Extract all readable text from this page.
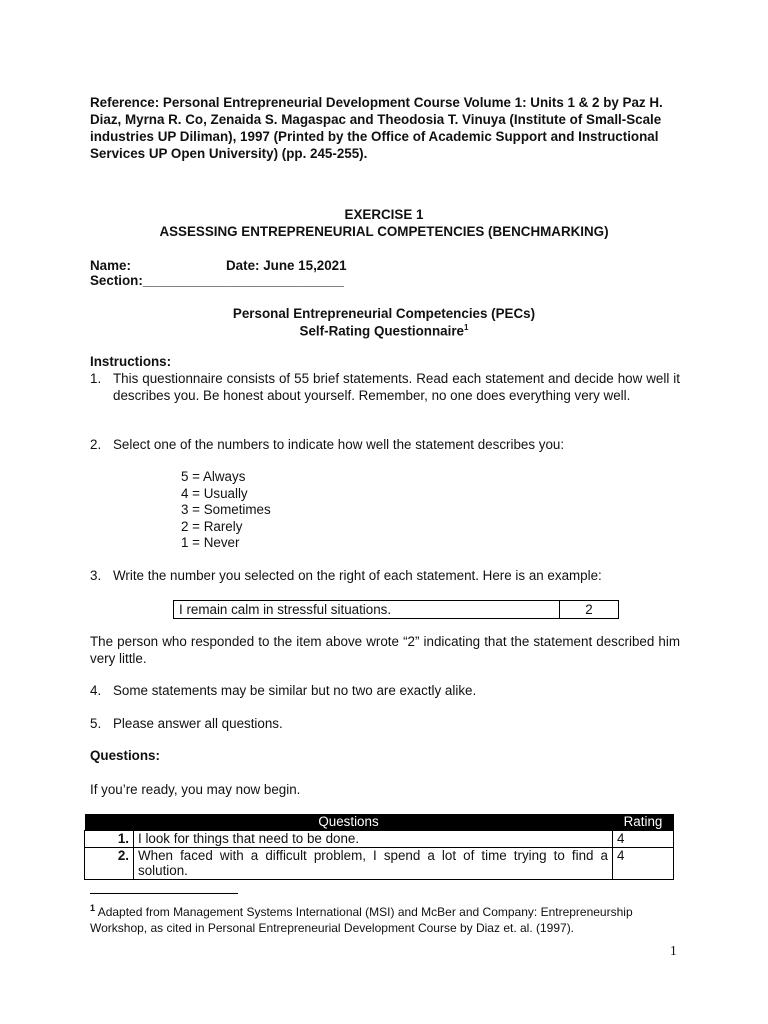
Reference: Personal Entrepreneurial Development Course Volume 1: Units 1 & 2 by Paz H. Diaz, Myrna R. Co, Zenaida S. Magaspac and Theodosia T. Vinuya (Institute of Small-Scale industries UP Diliman), 1997 (Printed by the Office of Academic Support and Instructional Services UP Open University) (pp. 245-255).
EXERCISE 1
ASSESSING ENTREPRENEURIAL COMPETENCIES (BENCHMARKING)
Name:	Date: June 15,2021
Section:___________________________
Personal Entrepreneurial Competencies (PECs)
Self-Rating Questionnaire$^1$
Instructions:
1. This questionnaire consists of 55 brief statements. Read each statement and decide how well it describes you. Be honest about yourself. Remember, no one does everything very well.
2. Select one of the numbers to indicate how well the statement describes you:
5 = Always
4 = Usually
3 = Sometimes
2 = Rarely
1 = Never
3. Write the number you selected on the right of each statement. Here is an example:
I remain calm in stressful situations.	2
The person who responded to the item above wrote “2” indicating that the statement described him very little.
4. Some statements may be similar but no two are exactly alike.
5. Please answer all questions.
Questions:
If you’re ready, you may now begin.
Questions		Rating
1.	I look for things that need to be done.	4
2.	When faced with a difficult problem, I spend a lot of time trying to find a solution.	4
$^1$ Adapted from Management Systems International (MSI) and McBer and Company: Entrepreneurship Workshop, as cited in Personal Entrepreneurial Development Course by Diaz et. al. (1997).
1
